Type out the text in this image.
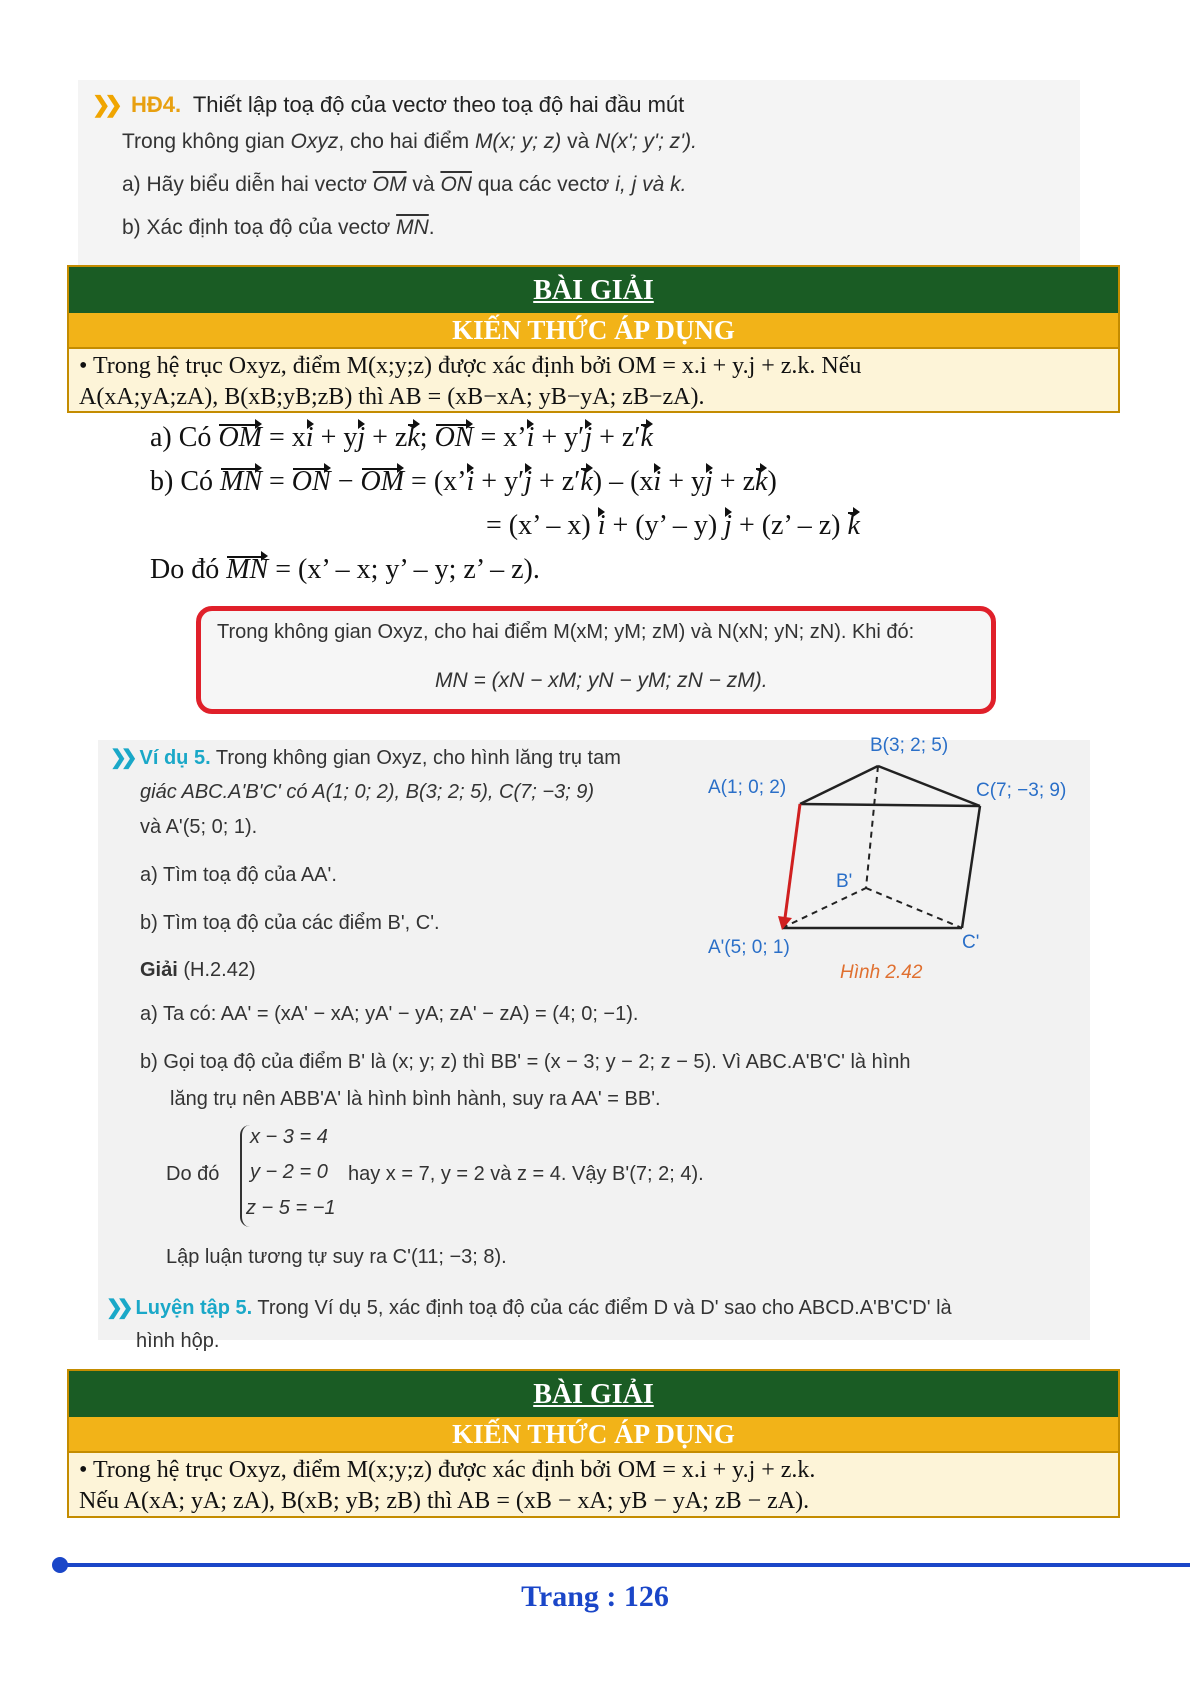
❯❯ HĐ4. Thiết lập toạ độ của vectơ theo toạ độ hai đầu mút
Trong không gian Oxyz, cho hai điểm M(x; y; z) và N(x'; y'; z').
a) Hãy biểu diễn hai vectơ $\overline{OM}$ và $\overline{ON}$ qua các vectơ i, j và k.
b) Xác định toạ độ của vectơ $\overline{MN}$.
BÀI GIẢI
KIẾN THỨC ÁP DỤNG
• Trong hệ trục Oxyz, điểm M(x;y;z) được xác định bởi OM = x.i + y.j + z.k. Nếu
A(xA;yA;zA), B(xB;yB;zB) thì AB = (xB−xA; yB−yA; zB−zA).
a) Có OM = xi + yj + zk; ON = x’i + y′j + z′k
b) Có MN = ON − OM = (x’i + y′j + z′k) – (xi + yj + zk)
= (x’ – x) i + (y’ – y) j + (z’ – z) k
Do đó MN = (x’ – x; y’ – y; z’ – z).
Trong không gian Oxyz, cho hai điểm M(xM; yM; zM) và N(xN; yN; zN). Khi đó:
MN = (xN − xM; yN − yM; zN − zM).
❯❯ Ví dụ 5. Trong không gian Oxyz, cho hình lăng trụ tam
giác ABC.A'B'C' có A(1; 0; 2), B(3; 2; 5), C(7; −3; 9)
và A'(5; 0; 1).
a) Tìm toạ độ của AA'.
b) Tìm toạ độ của các điểm B', C'.
Giải (H.2.42)
a) Ta có: AA' = (xA' − xA; yA' − yA; zA' − zA) = (4; 0; −1).
b) Gọi toạ độ của điểm B' là (x; y; z) thì BB' = (x − 3; y − 2; z − 5). Vì ABC.A'B'C' là hình
lăng trụ nên ABB'A' là hình bình hành, suy ra AA' = BB'.
Do đó
x − 3 = 4
y − 2 = 0
z − 5 = −1
hay x = 7, y = 2 và z = 4. Vậy B'(7; 2; 4).
Lập luận tương tự suy ra C'(11; −3; 8).
B(3; 2; 5)
A(1; 0; 2)	C(7; −3; 9)
B'
A'(5; 0; 1)	C'
Hình 2.42
❯❯ Luyện tập 5. Trong Ví dụ 5, xác định toạ độ của các điểm D và D' sao cho ABCD.A'B'C'D' là
hình hộp.
BÀI GIẢI
KIẾN THỨC ÁP DỤNG
• Trong hệ trục Oxyz, điểm M(x;y;z) được xác định bởi OM = x.i + y.j + z.k.
Nếu A(xA; yA; zA), B(xB; yB; zB) thì AB = (xB − xA; yB − yA; zB − zA).
Trang : 126
